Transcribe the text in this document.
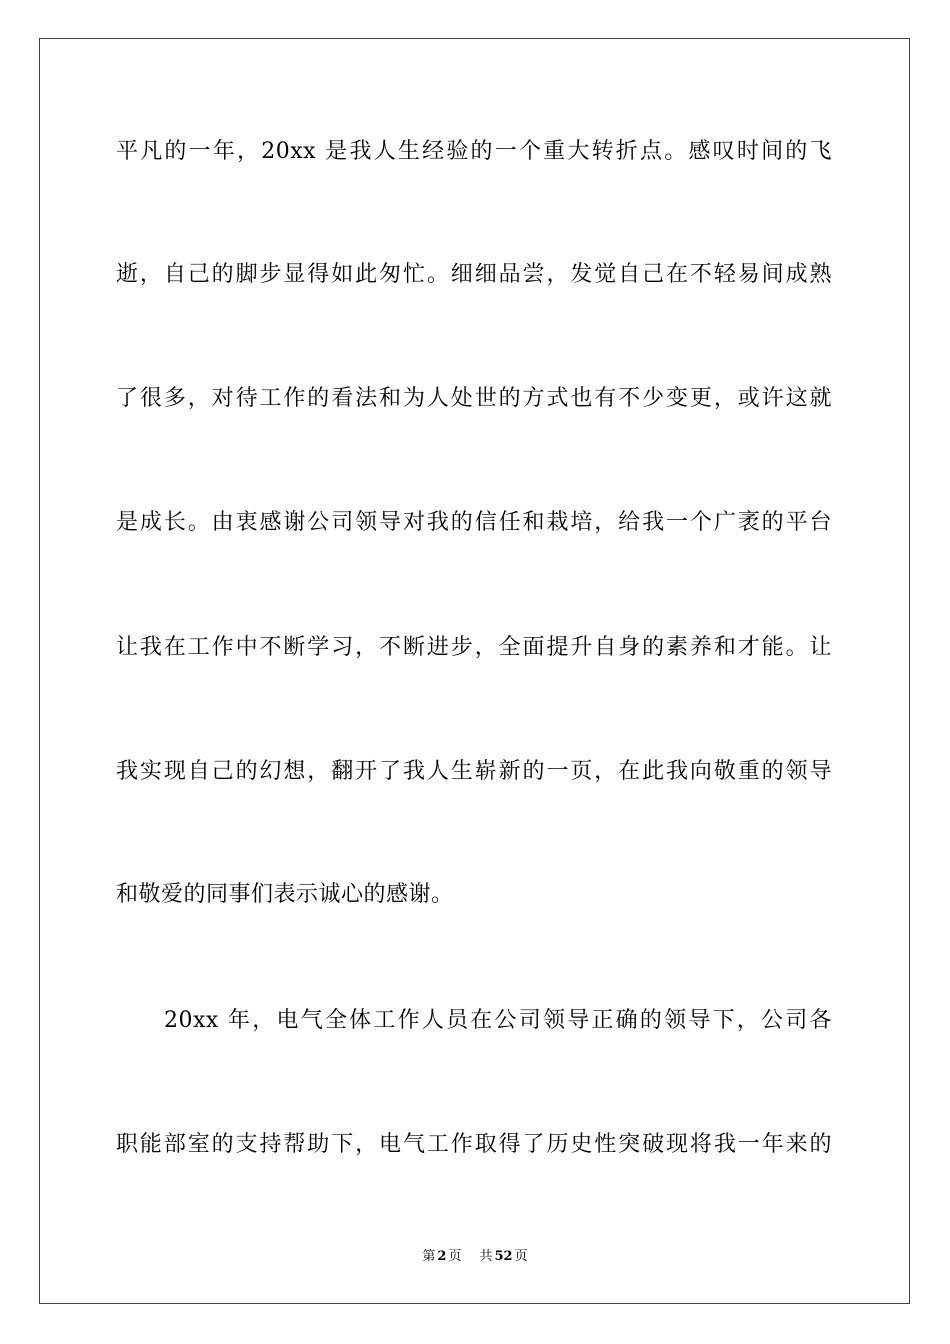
平凡的一年，20xx 是我人生经验的一个重大转折点。感叹时间的飞
逝，自己的脚步显得如此匆忙。细细品尝，发觉自己在不轻易间成熟
了很多，对待工作的看法和为人处世的方式也有不少变更，或许这就
是成长。由衷感谢公司领导对我的信任和栽培，给我一个广袤的平台
让我在工作中不断学习，不断进步，全面提升自身的素养和才能。让
我实现自己的幻想，翻开了我人生崭新的一页，在此我向敬重的领导
和敬爱的同事们表示诚心的感谢。
20xx 年，电气全体工作人员在公司领导正确的领导下，公司各
职能部室的支持帮助下，电气工作取得了历史性突破现将我一年来的
第 2 页 共 52 页
